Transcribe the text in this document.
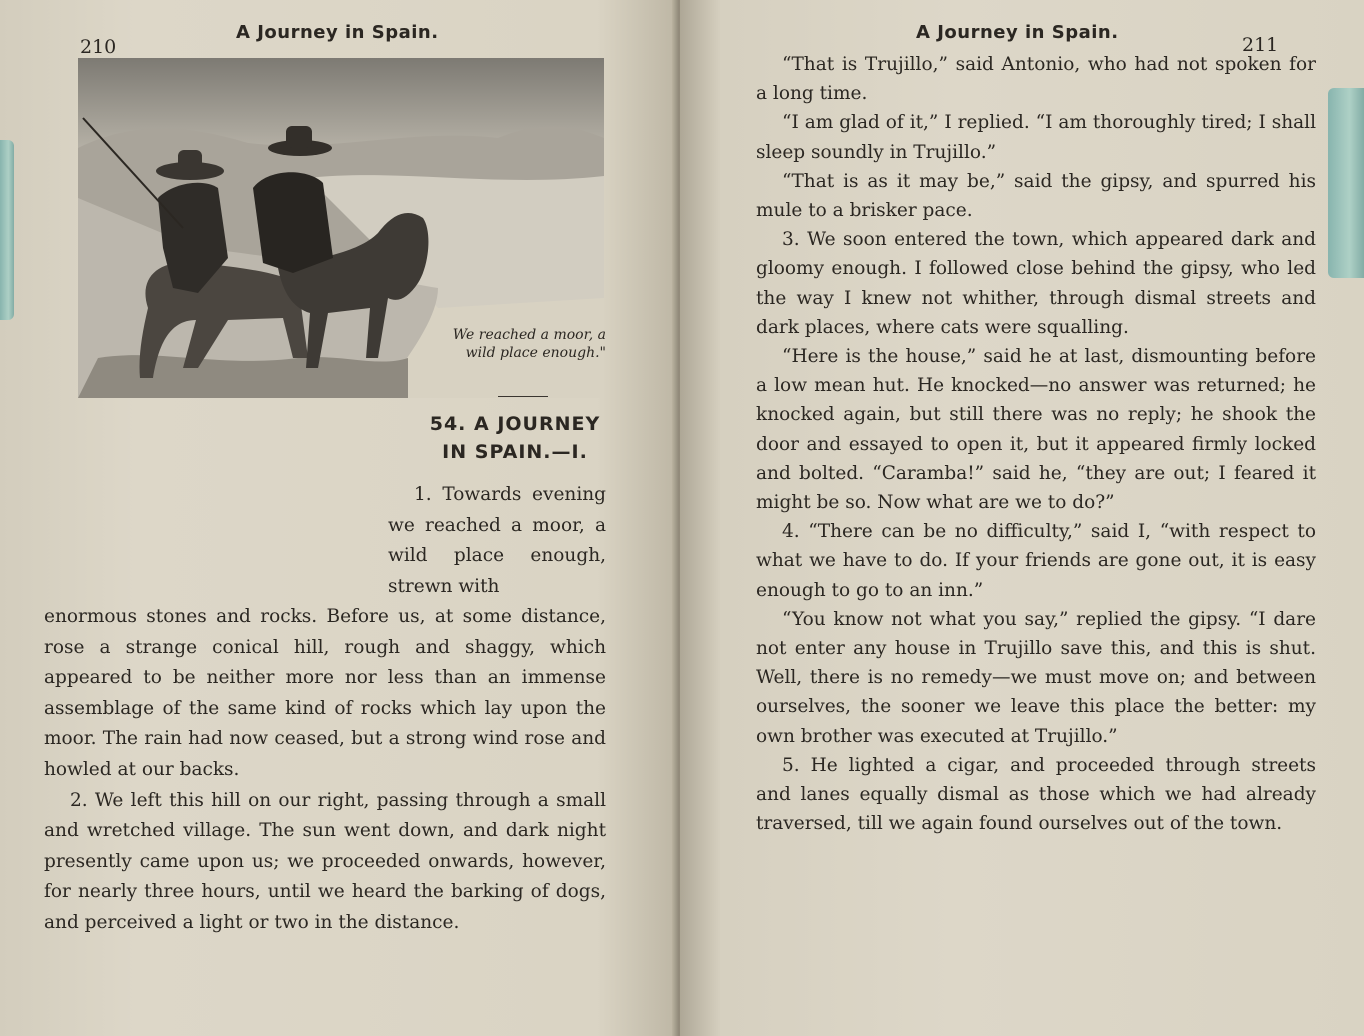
210
A Journey in Spain.
We reached a moor, a wild place enough."
54. A JOURNEY IN SPAIN.—I.

1. Towards evening we reached a moor, a wild place enough, strewn with

enormous stones and rocks. Before us, at some distance, rose a strange conical hill, rough and shaggy, which appeared to be neither more nor less than an immense assemblage of the same kind of rocks which lay upon the moor. The rain had now ceased, but a strong wind rose and howled at our backs.

2. We left this hill on our right, passing through a small and wretched village. The sun went down, and dark night presently came upon us; we proceeded onwards, however, for nearly three hours, until we heard the barking of dogs, and perceived a light or two in the distance.

A Journey in Spain.
211

“That is Trujillo,” said Antonio, who had not spoken for a long time.

“I am glad of it,” I replied. “I am thoroughly tired; I shall sleep soundly in Trujillo.”

“That is as it may be,” said the gipsy, and spurred his mule to a brisker pace.

3. We soon entered the town, which appeared dark and gloomy enough. I followed close behind the gipsy, who led the way I knew not whither, through dismal streets and dark places, where cats were squalling.

“Here is the house,” said he at last, dismounting before a low mean hut. He knocked—no answer was returned; he knocked again, but still there was no reply; he shook the door and essayed to open it, but it appeared firmly locked and bolted. “Caramba!” said he, “they are out; I feared it might be so. Now what are we to do?”

4. “There can be no difficulty,” said I, “with respect to what we have to do. If your friends are gone out, it is easy enough to go to an inn.”

“You know not what you say,” replied the gipsy. “I dare not enter any house in Trujillo save this, and this is shut. Well, there is no remedy—we must move on; and between ourselves, the sooner we leave this place the better: my own brother was executed at Trujillo.”

5. He lighted a cigar, and proceeded through streets and lanes equally dismal as those which we had already traversed, till we again found ourselves out of the town.
